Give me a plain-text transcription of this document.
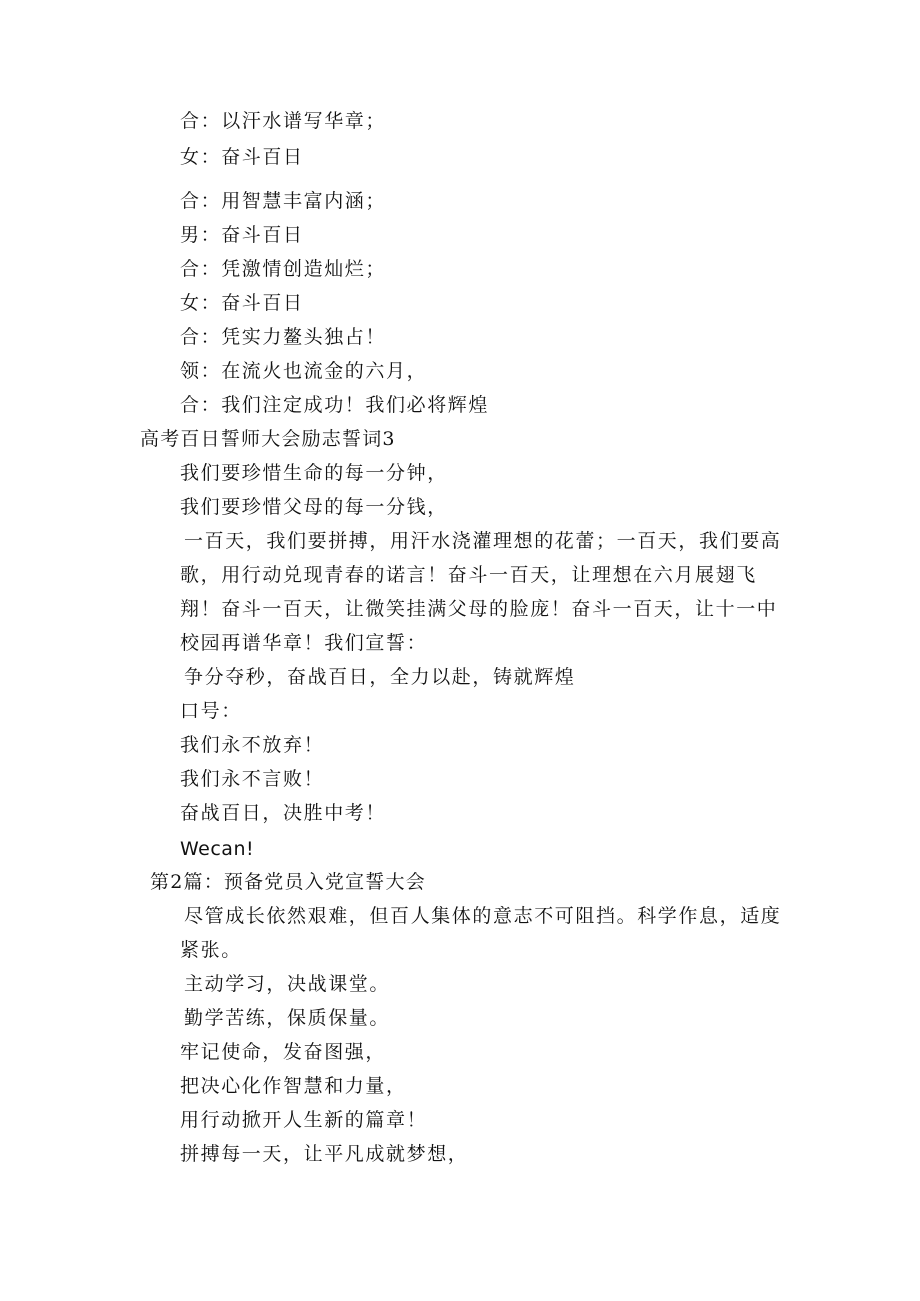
合：以汗水谱写华章；
女：奋斗百日
合：用智慧丰富内涵；
男：奋斗百日
合：凭激情创造灿烂；
女：奋斗百日
合：凭实力鳌头独占！
领：在流火也流金的六月，
合：我们注定成功！我们必将辉煌
高考百日誓师大会励志誓词3
我们要珍惜生命的每一分钟，
我们要珍惜父母的每一分钱，
一百天，我们要拼搏，用汗水浇灌理想的花蕾；一百天，我们要高
歌，用行动兑现青春的诺言！奋斗一百天，让理想在六月展翅飞
翔！奋斗一百天，让微笑挂满父母的脸庞！奋斗一百天，让十一中
校园再谱华章！我们宣誓：
争分夺秒，奋战百日，全力以赴，铸就辉煌
口号：
我们永不放弃！
我们永不言败！
奋战百日，决胜中考！
Wecan!
第2篇：预备党员入党宣誓大会
尽管成长依然艰难，但百人集体的意志不可阻挡。科学作息，适度
紧张。
主动学习，决战课堂。
勤学苦练，保质保量。
牢记使命，发奋图强，
把决心化作智慧和力量，
用行动掀开人生新的篇章！
拼搏每一天，让平凡成就梦想，
